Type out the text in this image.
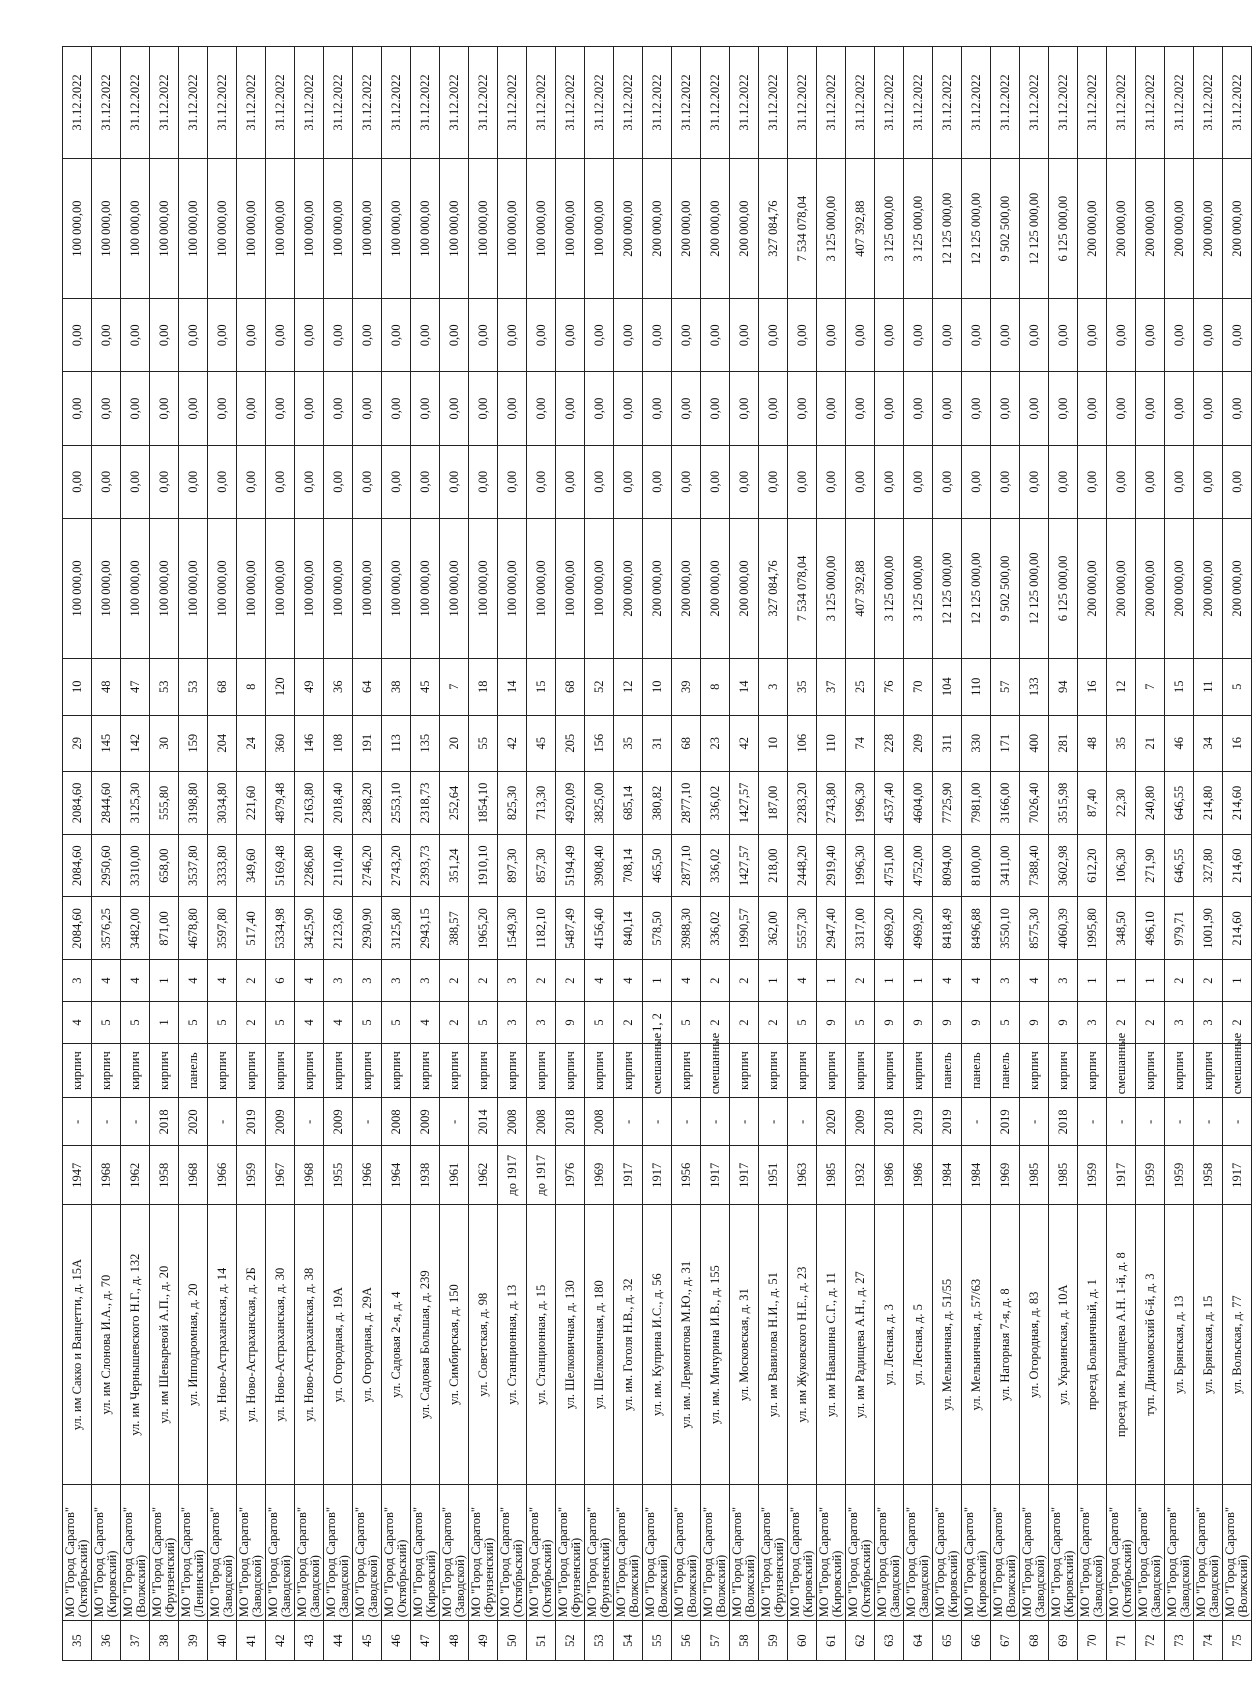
35	МО "Город Саратов" (Октябрьский)	ул. им Сакко и Ванцетти, д. 15А	1947	-	кирпич	4	3	2084,60	2084,60	2084,60	29	10	100 000,00	0,00	0,00	0,00	100 000,00	31.12.2022
36	МО "Город Саратов" (Кировский)	ул. им Слонова И.А., д. 70	1968	-	кирпич	5	4	3576,25	2950,60	2844,60	145	48	100 000,00	0,00	0,00	0,00	100 000,00	31.12.2022
37	МО "Город Саратов" (Волжский)	ул. им Чернышевского Н.Г., д. 132	1962	-	кирпич	5	4	3482,00	3310,00	3125,30	142	47	100 000,00	0,00	0,00	0,00	100 000,00	31.12.2022
38	МО "Город Саратов" (Фрунзенский)	ул. им Шевыревой А.П., д. 20	1958	2018	кирпич	1	1	871,00	658,00	555,80	30	53	100 000,00	0,00	0,00	0,00	100 000,00	31.12.2022
39	МО "Город Саратов" (Ленинский)	ул. Ипподромная, д. 20	1968	2020	панель	5	4	4678,80	3537,80	3198,80	159	53	100 000,00	0,00	0,00	0,00	100 000,00	31.12.2022
40	МО "Город Саратов" (Заводской)	ул. Ново-Астраханская, д. 14	1966	-	кирпич	5	4	3597,80	3333,80	3034,80	204	68	100 000,00	0,00	0,00	0,00	100 000,00	31.12.2022
41	МО "Город Саратов" (Заводской)	ул. Ново-Астраханская, д. 2Б	1959	2019	кирпич	2	2	517,40	349,60	221,60	24	8	100 000,00	0,00	0,00	0,00	100 000,00	31.12.2022
42	МО "Город Саратов" (Заводской)	ул. Ново-Астраханская, д. 30	1967	2009	кирпич	5	6	5334,98	5169,48	4879,48	360	120	100 000,00	0,00	0,00	0,00	100 000,00	31.12.2022
43	МО "Город Саратов" (Заводской)	ул. Ново-Астраханская, д. 38	1968	-	кирпич	4	4	3425,90	2286,80	2163,80	146	49	100 000,00	0,00	0,00	0,00	100 000,00	31.12.2022
44	МО "Город Саратов" (Заводской)	ул. Огородная, д. 19А	1955	2009	кирпич	4	3	2123,60	2110,40	2018,40	108	36	100 000,00	0,00	0,00	0,00	100 000,00	31.12.2022
45	МО "Город Саратов" (Заводской)	ул. Огородная, д. 29А	1966	-	кирпич	5	3	2930,90	2746,20	2388,20	191	64	100 000,00	0,00	0,00	0,00	100 000,00	31.12.2022
46	МО "Город Саратов" (Октябрьский)	ул. Садовая 2-я, д. 4	1964	2008	кирпич	5	3	3125,80	2743,20	2553,10	113	38	100 000,00	0,00	0,00	0,00	100 000,00	31.12.2022
47	МО "Город Саратов" (Кировский)	ул. Садовая Большая, д. 239	1938	2009	кирпич	4	3	2943,15	2393,73	2318,73	135	45	100 000,00	0,00	0,00	0,00	100 000,00	31.12.2022
48	МО "Город Саратов" (Заводской)	ул. Симбирская, д. 150	1961	-	кирпич	2	2	388,57	351,24	252,64	20	7	100 000,00	0,00	0,00	0,00	100 000,00	31.12.2022
49	МО "Город Саратов" (Фрунзенский)	ул. Советская, д. 98	1962	2014	кирпич	5	2	1965,20	1910,10	1854,10	55	18	100 000,00	0,00	0,00	0,00	100 000,00	31.12.2022
50	МО "Город Саратов" (Октябрьский)	ул. Станционная, д. 13	до 1917	2008	кирпич	3	3	1549,30	897,30	825,30	42	14	100 000,00	0,00	0,00	0,00	100 000,00	31.12.2022
51	МО "Город Саратов" (Октябрьский)	ул. Станционная, д. 15	до 1917	2008	кирпич	3	2	1182,10	857,30	713,30	45	15	100 000,00	0,00	0,00	0,00	100 000,00	31.12.2022
52	МО "Город Саратов" (Фрунзенский)	ул. Шелковичная, д. 130	1976	2018	кирпич	9	2	5487,49	5194,49	4920,09	205	68	100 000,00	0,00	0,00	0,00	100 000,00	31.12.2022
53	МО "Город Саратов" (Фрунзенский)	ул. Шелковичная, д. 180	1969	2008	кирпич	5	4	4156,40	3908,40	3825,00	156	52	100 000,00	0,00	0,00	0,00	100 000,00	31.12.2022
54	МО "Город Саратов" (Волжский)	ул. им. Гоголя Н.В., д. 32	1917	-	кирпич	2	4	840,14	708,14	685,14	35	12	200 000,00	0,00	0,00	0,00	200 000,00	31.12.2022
55	МО "Город Саратов" (Волжский)	ул. им. Куприна И.С., д. 56	1917	-	смешанные	1, 2	1	578,50	465,50	380,82	31	10	200 000,00	0,00	0,00	0,00	200 000,00	31.12.2022
56	МО "Город Саратов" (Волжский)	ул. им. Лермонтова М.Ю., д. 31	1956	-	кирпич	5	4	3988,30	2877,10	2877,10	68	39	200 000,00	0,00	0,00	0,00	200 000,00	31.12.2022
57	МО "Город Саратов" (Волжский)	ул. им. Мичурина И.В., д. 155	1917	-	смешанные	2	2	336,02	336,02	336,02	23	8	200 000,00	0,00	0,00	0,00	200 000,00	31.12.2022
58	МО "Город Саратов" (Волжский)	ул. Московская, д. 31	1917	-	кирпич	2	2	1990,57	1427,57	1427,57	42	14	200 000,00	0,00	0,00	0,00	200 000,00	31.12.2022
59	МО "Город Саратов" (Фрунзенский)	ул. им Вавилова Н.И., д. 51	1951	-	кирпич	2	1	362,00	218,00	187,00	10	3	327 084,76	0,00	0,00	0,00	327 084,76	31.12.2022
60	МО "Город Саратов" (Кировский)	ул. им Жуковского Н.Е., д. 23	1963	-	кирпич	5	4	5557,30	2448,20	2283,20	106	35	7 534 078,04	0,00	0,00	0,00	7 534 078,04	31.12.2022
61	МО "Город Саратов" (Кировский)	ул. им Навашина С.Г., д. 11	1985	2020	кирпич	9	1	2947,40	2919,40	2743,80	110	37	3 125 000,00	0,00	0,00	0,00	3 125 000,00	31.12.2022
62	МО "Город Саратов" (Октябрьский)	ул. им Радищева А.Н., д. 27	1932	2009	кирпич	5	2	3317,00	1996,30	1996,30	74	25	407 392,88	0,00	0,00	0,00	407 392,88	31.12.2022
63	МО "Город Саратов" (Заводской)	ул. Лесная, д. 3	1986	2018	кирпич	9	1	4969,20	4751,00	4537,40	228	76	3 125 000,00	0,00	0,00	0,00	3 125 000,00	31.12.2022
64	МО "Город Саратов" (Заводской)	ул. Лесная, д. 5	1986	2019	кирпич	9	1	4969,20	4752,00	4604,00	209	70	3 125 000,00	0,00	0,00	0,00	3 125 000,00	31.12.2022
65	МО "Город Саратов" (Кировский)	ул. Мельничная, д. 51/55	1984	2019	панель	9	4	8418,49	8094,00	7725,90	311	104	12 125 000,00	0,00	0,00	0,00	12 125 000,00	31.12.2022
66	МО "Город Саратов" (Кировский)	ул. Мельничная, д. 57/63	1984	-	панель	9	4	8496,88	8100,00	7981,00	330	110	12 125 000,00	0,00	0,00	0,00	12 125 000,00	31.12.2022
67	МО "Город Саратов" (Волжский)	ул. Нагорная 7-я, д. 8	1969	2019	панель	5	3	3550,10	3411,00	3166,00	171	57	9 502 500,00	0,00	0,00	0,00	9 502 500,00	31.12.2022
68	МО "Город Саратов" (Заводской)	ул. Огородная, д. 83	1985	-	кирпич	9	4	8575,30	7388,40	7026,40	400	133	12 125 000,00	0,00	0,00	0,00	12 125 000,00	31.12.2022
69	МО "Город Саратов" (Кировский)	ул. Украинская, д. 10А	1985	2018	кирпич	9	3	4060,39	3602,98	3515,98	281	94	6 125 000,00	0,00	0,00	0,00	6 125 000,00	31.12.2022
70	МО "Город Саратов" (Заводской)	проезд Больничный, д. 1	1959	-	кирпич	3	1	1995,80	612,20	87,40	48	16	200 000,00	0,00	0,00	0,00	200 000,00	31.12.2022
71	МО "Город Саратов" (Октябрьский)	проезд им. Радищева А.Н. 1-й, д. 8	1917	-	смешанные	2	1	348,50	106,30	22,30	35	12	200 000,00	0,00	0,00	0,00	200 000,00	31.12.2022
72	МО "Город Саратов" (Заводской)	туп. Динамовский 6-й, д. 3	1959	-	кирпич	2	1	496,10	271,90	240,80	21	7	200 000,00	0,00	0,00	0,00	200 000,00	31.12.2022
73	МО "Город Саратов" (Заводской)	ул. Брянская, д. 13	1959	-	кирпич	3	2	979,71	646,55	646,55	46	15	200 000,00	0,00	0,00	0,00	200 000,00	31.12.2022
74	МО "Город Саратов" (Заводской)	ул. Брянская, д. 15	1958	-	кирпич	3	2	1001,90	327,80	214,80	34	11	200 000,00	0,00	0,00	0,00	200 000,00	31.12.2022
75	МО "Город Саратов" (Волжский)	ул. Вольская, д. 77	1917	-	смешанные	2	1	214,60	214,60	214,60	16	5	200 000,00	0,00	0,00	0,00	200 000,00	31.12.2022
